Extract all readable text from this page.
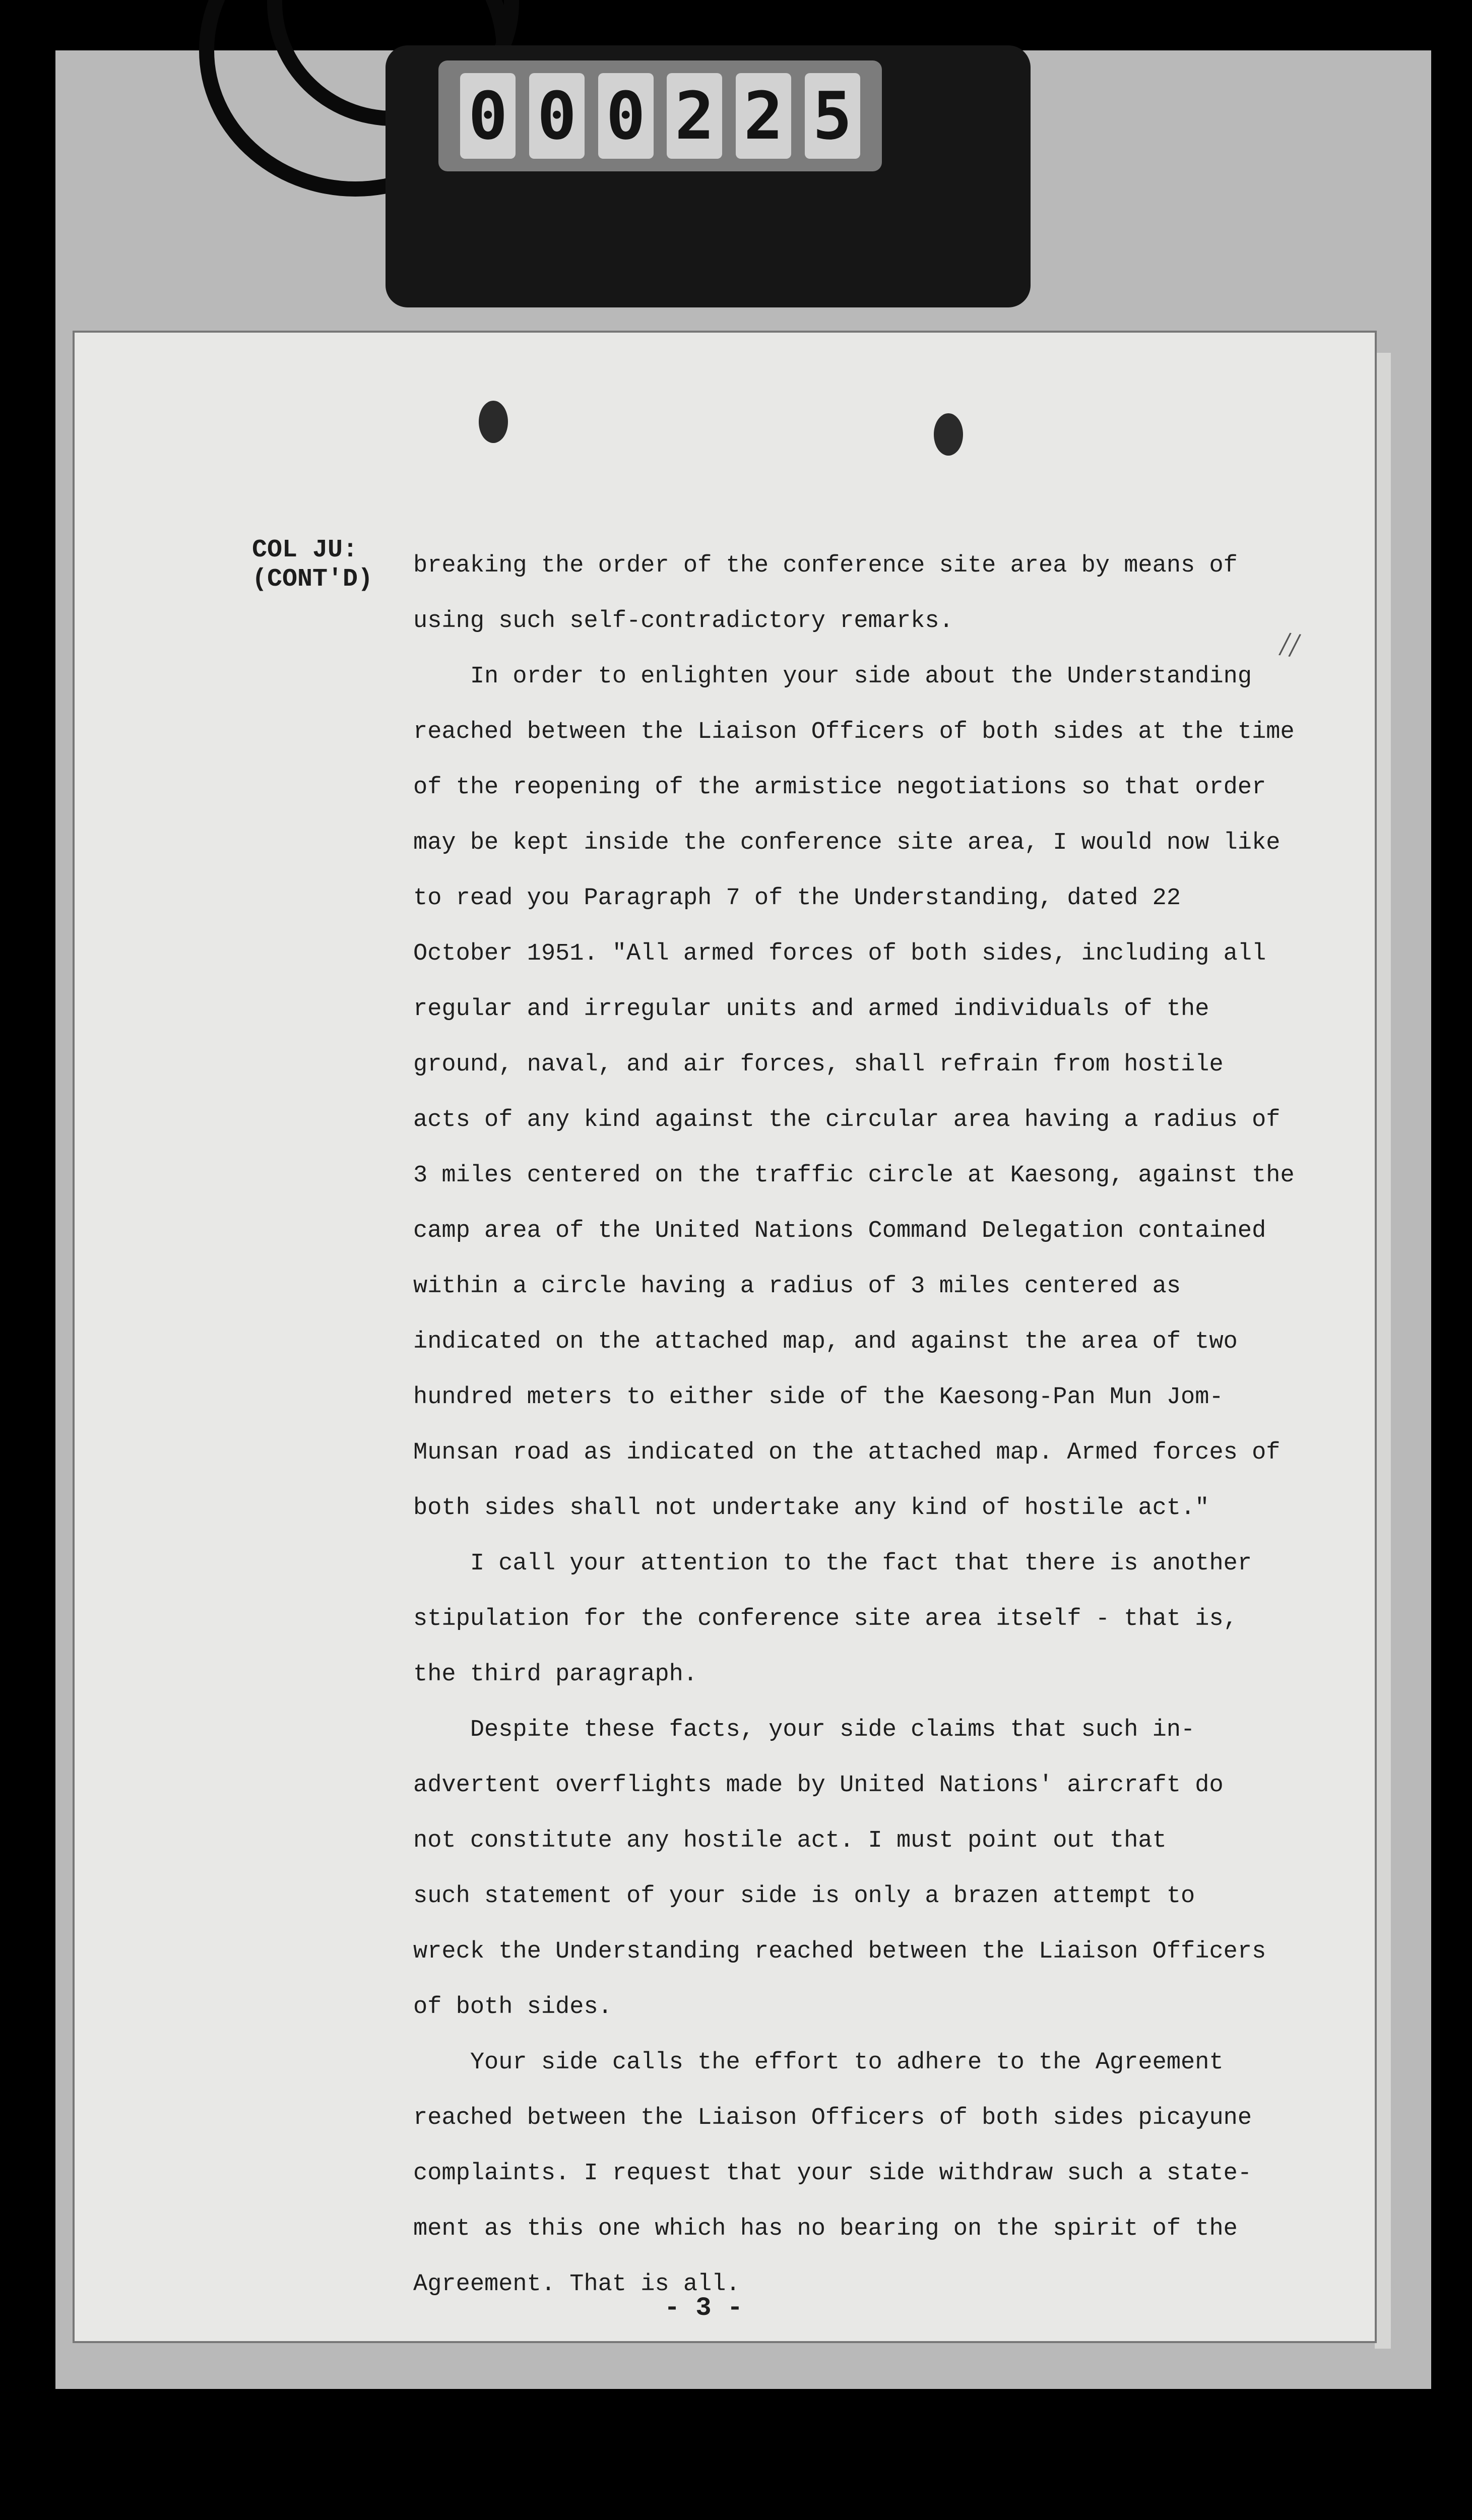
0 0 0 2 2 5
COL JU:
(CONT'D)
//
breaking the order of the conference site area by means of
using such self-contradictory remarks.
In order to enlighten your side about the Understanding
reached between the Liaison Officers of both sides at the time
of the reopening of the armistice negotiations so that order
may be kept inside the conference site area, I would now like
to read you Paragraph 7 of the Understanding, dated 22
October 1951. "All armed forces of both sides, including all
regular and irregular units and armed individuals of the
ground, naval, and air forces, shall refrain from hostile
acts of any kind against the circular area having a radius of
3 miles centered on the traffic circle at Kaesong, against the
camp area of the United Nations Command Delegation contained
within a circle having a radius of 3 miles centered as
indicated on the attached map, and against the area of two
hundred meters to either side of the Kaesong-Pan Mun Jom-
Munsan road as indicated on the attached map. Armed forces of
both sides shall not undertake any kind of hostile act."
I call your attention to the fact that there is another
stipulation for the conference site area itself - that is,
the third paragraph.
Despite these facts, your side claims that such in-
advertent overflights made by United Nations' aircraft do
not constitute any hostile act. I must point out that
such statement of your side is only a brazen attempt to
wreck the Understanding reached between the Liaison Officers
of both sides.
Your side calls the effort to adhere to the Agreement
reached between the Liaison Officers of both sides picayune
complaints. I request that your side withdraw such a state-
ment as this one which has no bearing on the spirit of the
Agreement. That is all.
- 3 -
